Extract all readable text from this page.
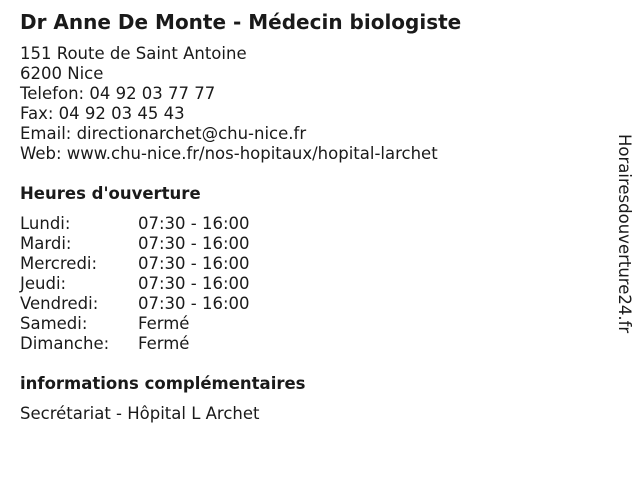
Dr Anne De Monte - Médecin biologiste
151 Route de Saint Antoine
6200 Nice
Telefon: 04 92 03 77 77
Fax: 04 92 03 45 43
Email: directionarchet@chu-nice.fr
Web: www.chu-nice.fr/nos-hopitaux/hopital-larchet
Heures d'ouverture
Lundi:	07:30 - 16:00
Mardi:	07:30 - 16:00
Mercredi: 07:30 - 16:00
Jeudi:	07:30 - 16:00
Vendredi: 07:30 - 16:00
Samedi:	Fermé
Dimanche: Fermé
informations complémentaires
Secrétariat - Hôpital L Archet
Horairesdouverture24.fr
